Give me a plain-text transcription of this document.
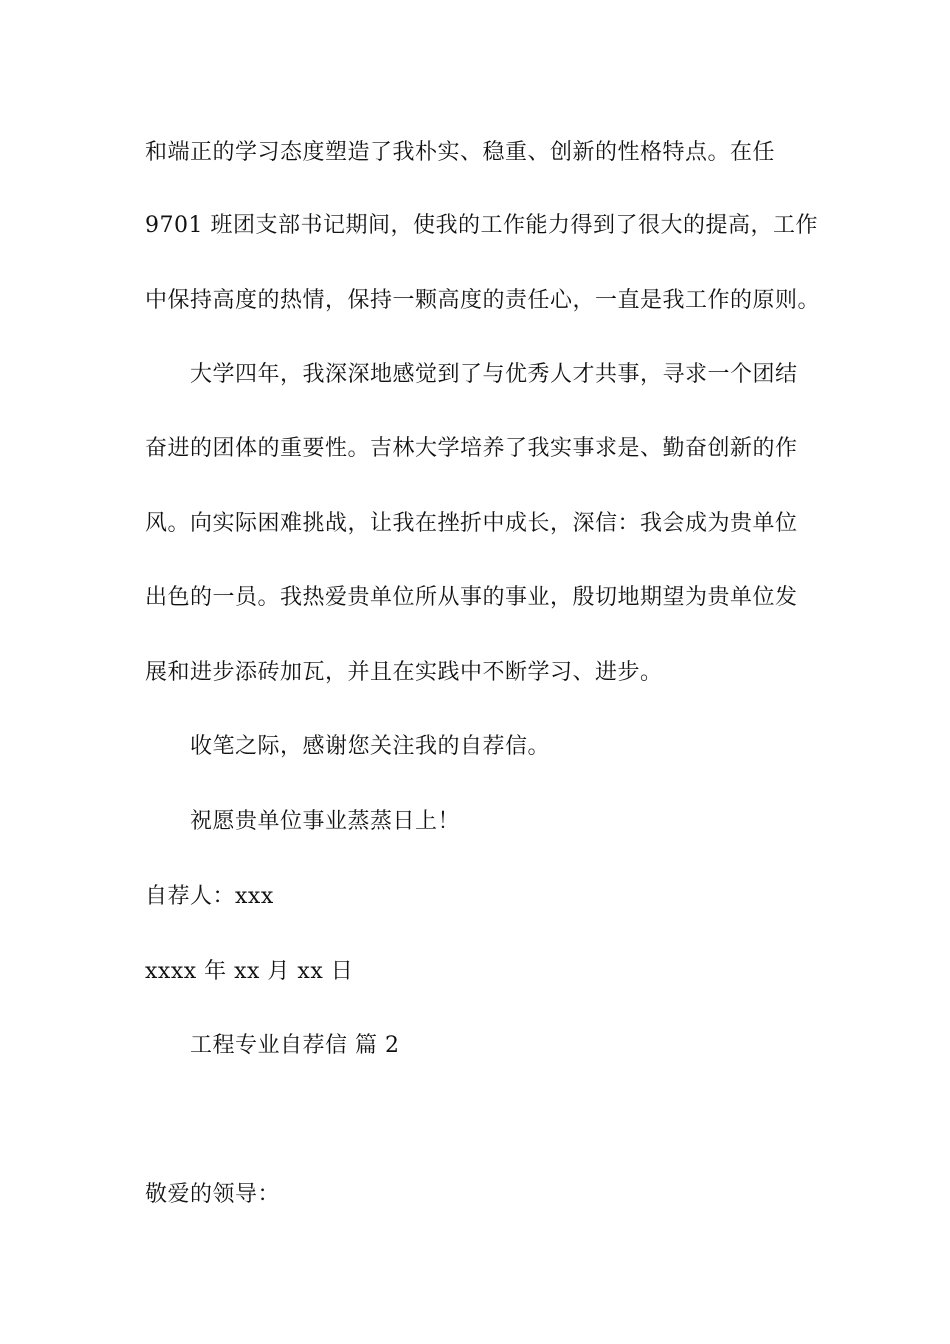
和端正的学习态度塑造了我朴实、稳重、创新的性格特点。在任
9701 班团支部书记期间，使我的工作能力得到了很大的提高，工作
中保持高度的热情，保持一颗高度的责任心，一直是我工作的原则。
大学四年，我深深地感觉到了与优秀人才共事，寻求一个团结
奋进的团体的重要性。吉林大学培养了我实事求是、勤奋创新的作
风。向实际困难挑战，让我在挫折中成长，深信：我会成为贵单位
出色的一员。我热爱贵单位所从事的事业，殷切地期望为贵单位发
展和进步添砖加瓦，并且在实践中不断学习、进步。
收笔之际，感谢您关注我的自荐信。
祝愿贵单位事业蒸蒸日上！
自荐人：xxx
xxxx 年 xx 月 xx 日
工程专业自荐信 篇 2
敬爱的领导：
